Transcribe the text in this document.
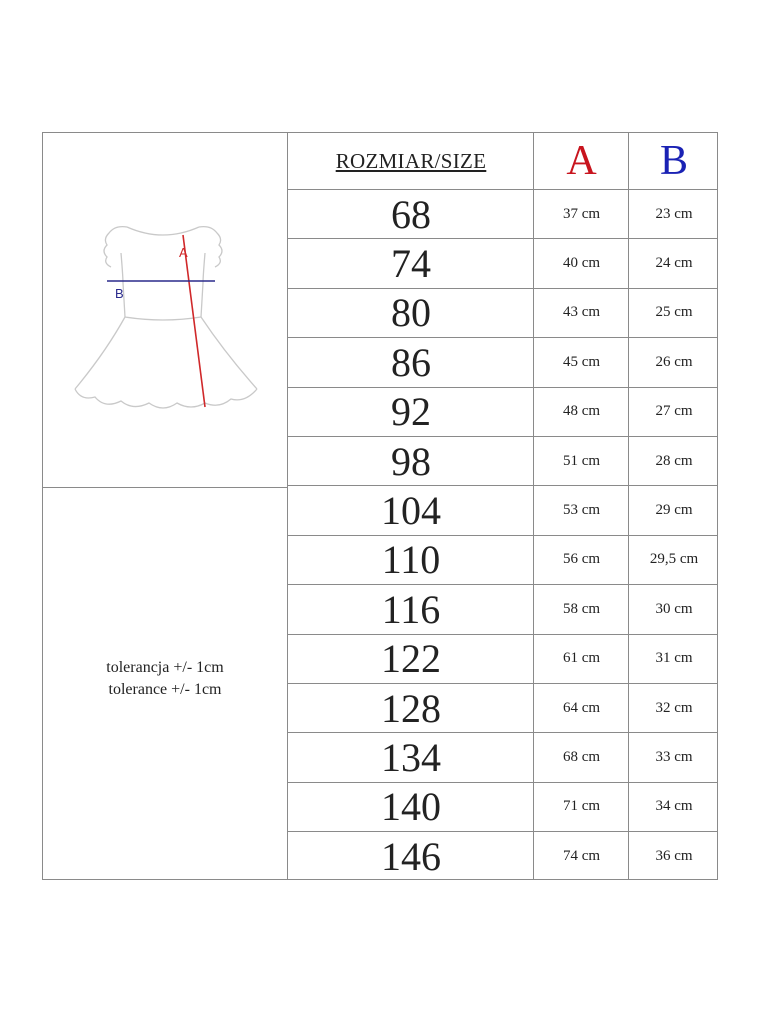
ROZMIAR/SIZE	A	B
A
B
tolerancja +/- 1cm
tolerance +/- 1cm
68	37 cm	23 cm
74	40 cm	24 cm
80	43 cm	25 cm
86	45 cm	26 cm
92	48 cm	27 cm
98	51 cm	28 cm
104	53 cm	29 cm
110	56 cm	29,5 cm
116	58 cm	30 cm
122	61 cm	31 cm
128	64 cm	32 cm
134	68 cm	33 cm
140	71 cm	34 cm
146	74 cm	36 cm
